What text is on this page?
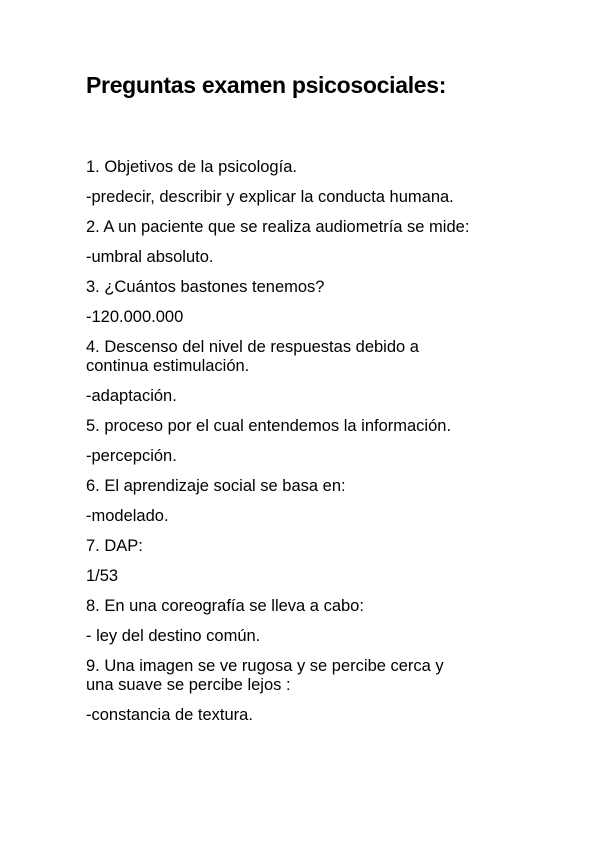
Preguntas examen psicosociales:

1. Objetivos de la psicología.

-predecir, describir y explicar la conducta humana.

2. A un paciente que se realiza audiometría se mide:

-umbral absoluto.

3. ¿Cuántos bastones tenemos?

-120.000.000

4. Descenso del nivel de respuestas debido a
continua estimulación.

-adaptación.

5. proceso por el cual entendemos la información.

-percepción.

6. El aprendizaje social se basa en:

-modelado.

7. DAP:

1/53

8. En una coreografía se lleva a cabo:

- ley del destino común.

9. Una imagen se ve rugosa y se percibe cerca y
una suave se percibe lejos :

-constancia de textura.
